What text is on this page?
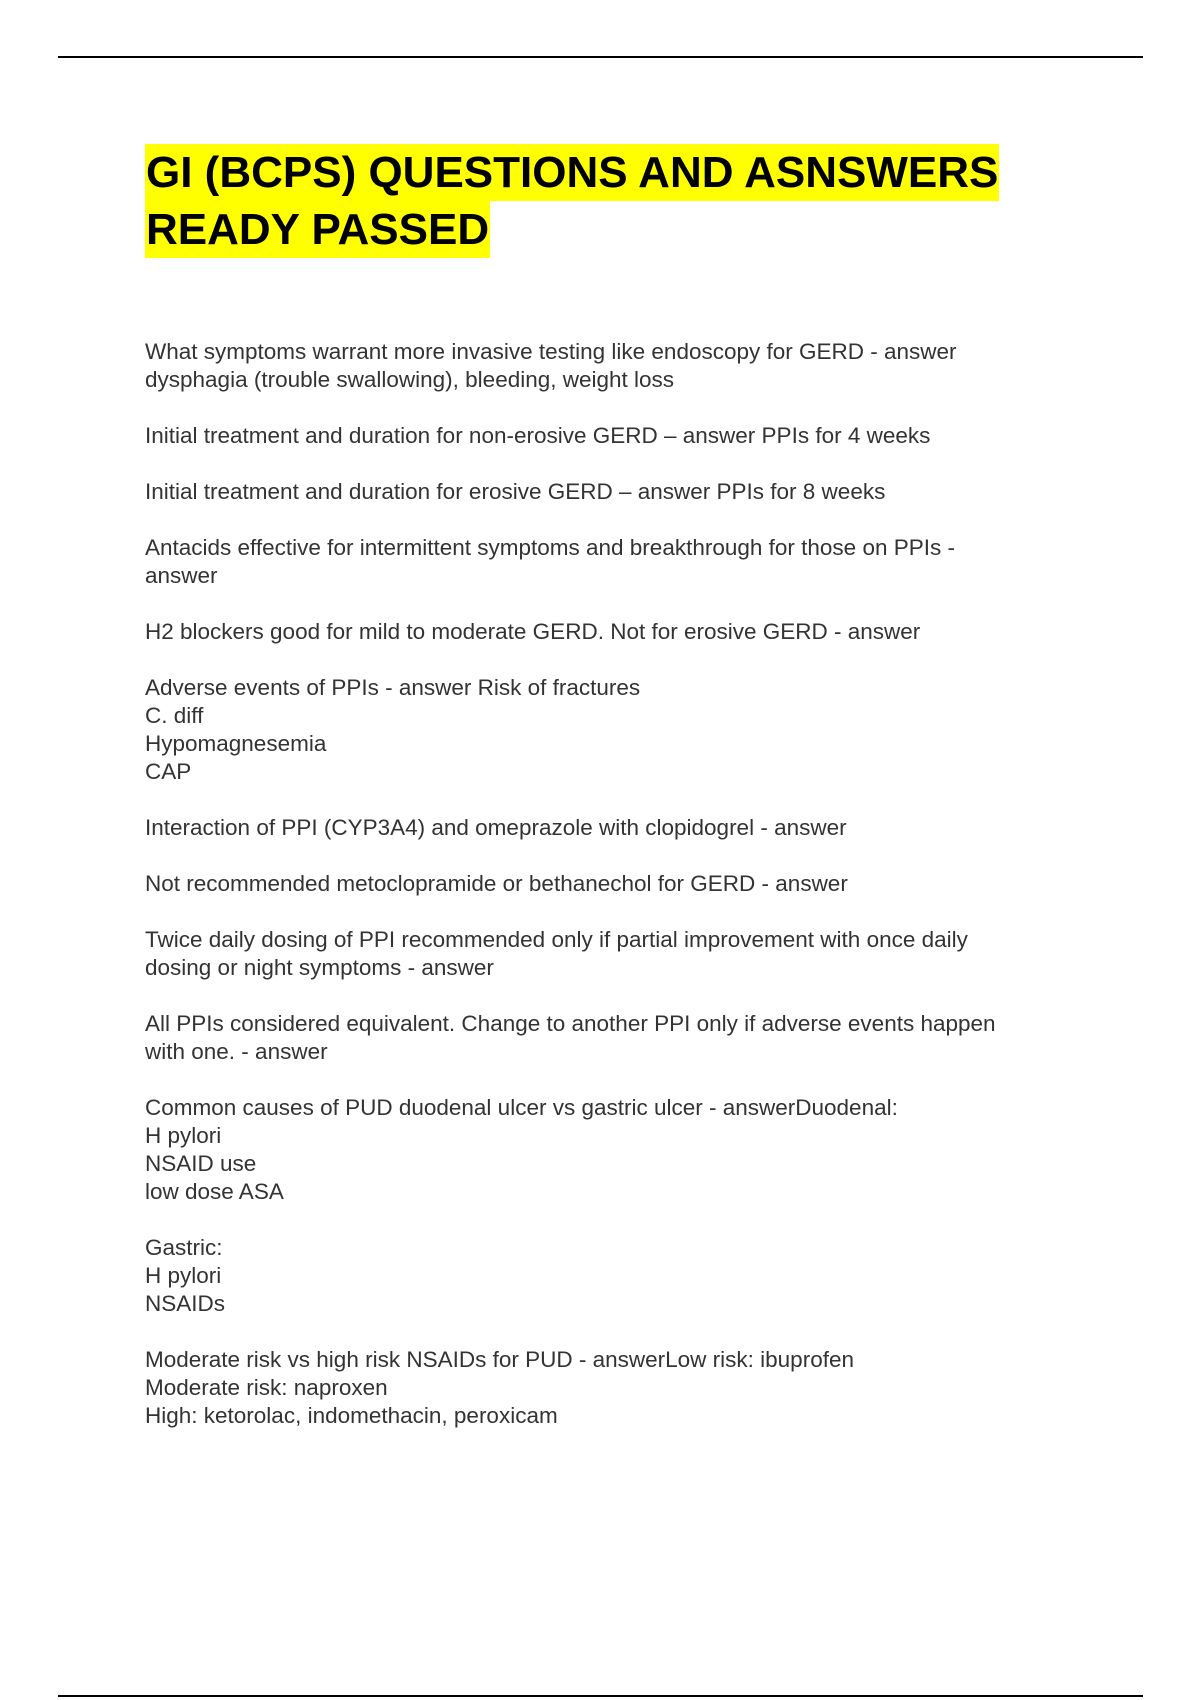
GI (BCPS) QUESTIONS AND ASNSWERS
READY PASSED

What symptoms warrant more invasive testing like endoscopy for GERD - answer
dysphagia (trouble swallowing), bleeding, weight loss

Initial treatment and duration for non-erosive GERD – answer PPIs for 4 weeks

Initial treatment and duration for erosive GERD – answer PPIs for 8 weeks

Antacids effective for intermittent symptoms and breakthrough for those on PPIs -
answer

H2 blockers good for mild to moderate GERD. Not for erosive GERD - answer

Adverse events of PPIs - answer Risk of fractures
C. diff
Hypomagnesemia
CAP

Interaction of PPI (CYP3A4) and omeprazole with clopidogrel - answer

Not recommended metoclopramide or bethanechol for GERD - answer

Twice daily dosing of PPI recommended only if partial improvement with once daily
dosing or night symptoms - answer

All PPIs considered equivalent. Change to another PPI only if adverse events happen
with one. - answer

Common causes of PUD duodenal ulcer vs gastric ulcer - answerDuodenal:
H pylori
NSAID use
low dose ASA

Gastric:
H pylori
NSAIDs

Moderate risk vs high risk NSAIDs for PUD - answerLow risk: ibuprofen
Moderate risk: naproxen
High: ketorolac, indomethacin, peroxicam
